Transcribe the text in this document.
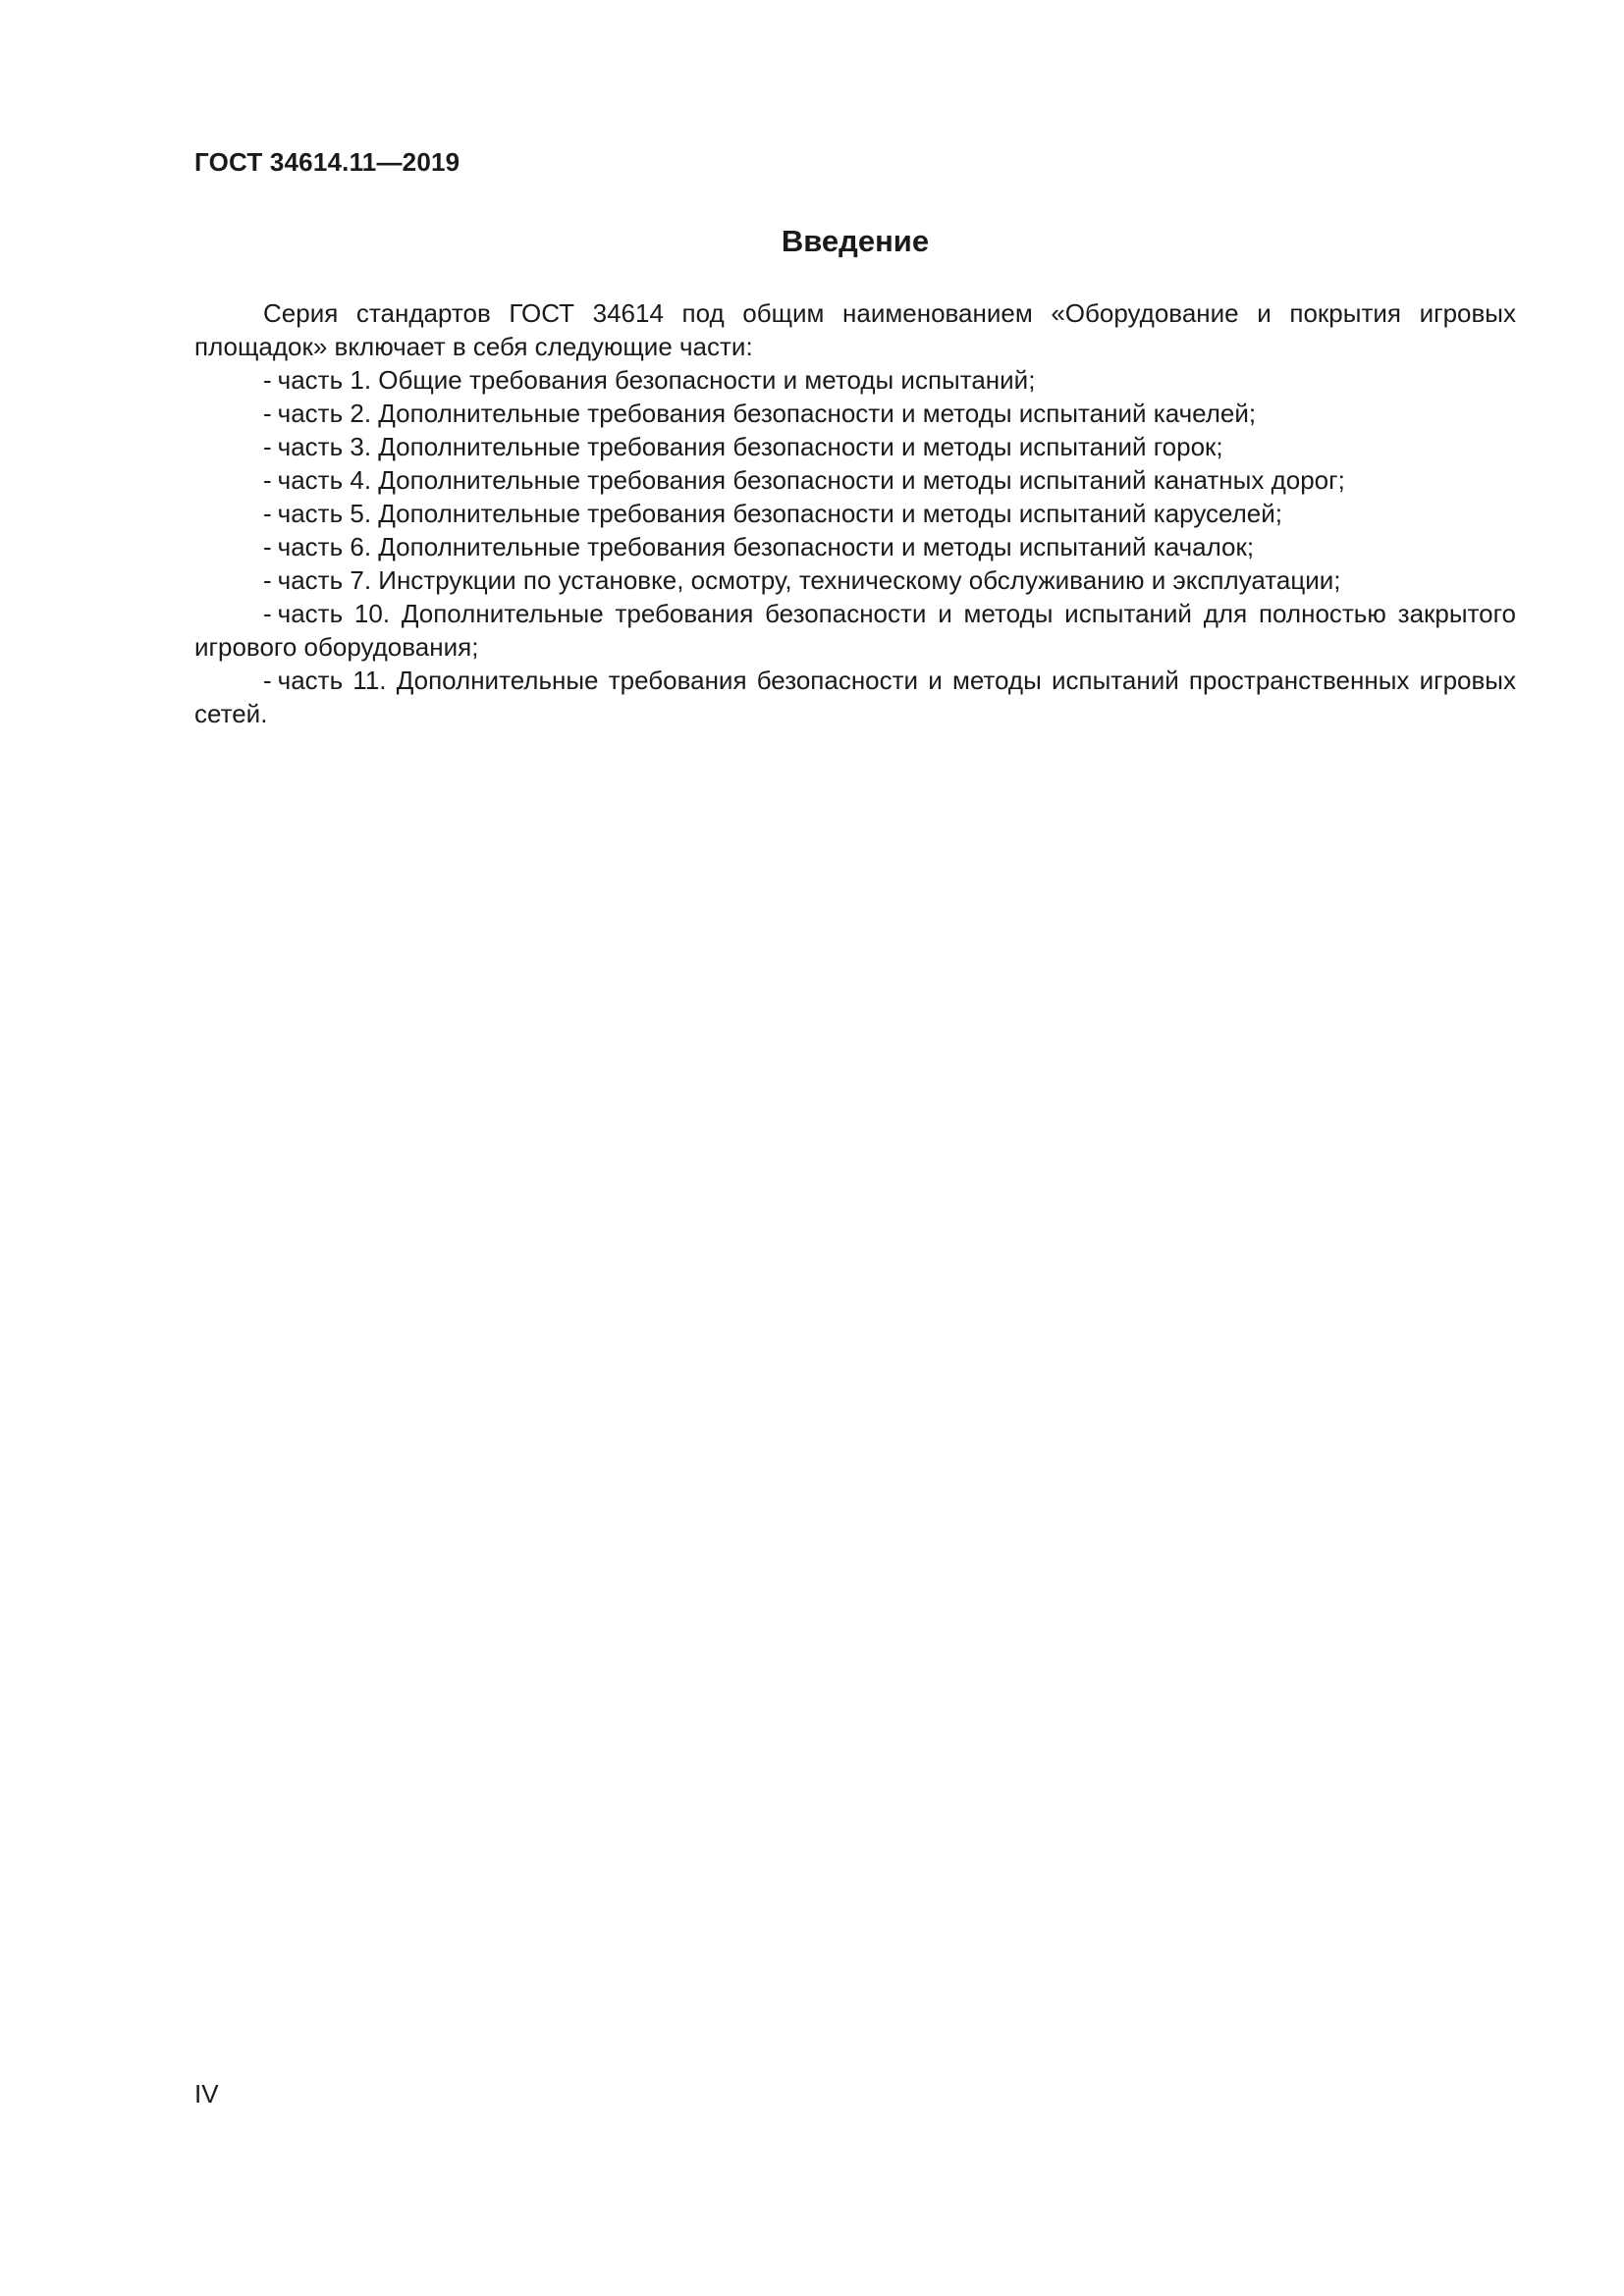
ГОСТ 34614.11—2019
Введение

Серия стандартов ГОСТ 34614 под общим наименованием «Оборудование и покрытия игровых площадок» включает в себя следующие части:

- часть 1. Общие требования безопасности и методы испытаний;
- часть 2. Дополнительные требования безопасности и методы испытаний качелей;
- часть 3. Дополнительные требования безопасности и методы испытаний горок;
- часть 4. Дополнительные требования безопасности и методы испытаний канатных дорог;
- часть 5. Дополнительные требования безопасности и методы испытаний каруселей;
- часть 6. Дополнительные требования безопасности и методы испытаний качалок;
- часть 7. Инструкции по установке, осмотру, техническому обслуживанию и эксплуатации;
- часть 10. Дополнительные требования безопасности и методы испытаний для полностью закрытого игрового оборудования;
- часть 11. Дополнительные требования безопасности и методы испытаний пространственных игровых сетей.
IV
